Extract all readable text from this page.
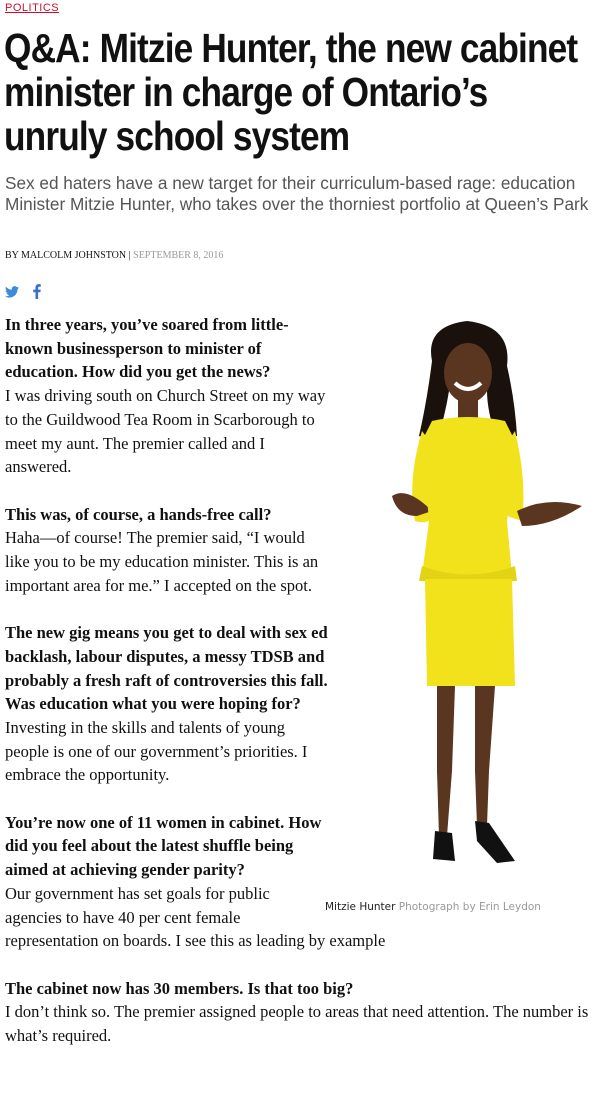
POLITICS
Q&A: Mitzie Hunter, the new cabinet
minister in charge of Ontario’s
unruly school system

Sex ed haters have a new target for their curriculum-based rage: education Minister Mitzie Hunter, who takes over the thorniest portfolio at Queen’s Park

BY MALCOLM JOHNSTON | SEPTEMBER 8, 2016
Mitzie Hunter Photograph by Erin Leydon
In three years, you’ve soared from little-known businessperson to minister of education. How did you get the news?
I was driving south on Church Street on my way to the Guildwood Tea Room in Scarborough to meet my aunt. The premier called and I answered.
This was, of course, a hands-free call?
Haha—of course! The premier said, “I would like you to be my education minister. This is an important area for me.” I accepted on the spot.
The new gig means you get to deal with sex ed backlash, labour disputes, a messy TDSB and probably a fresh raft of controversies this fall. Was education what you were hoping for?
Investing in the skills and talents of young people is one of our government’s priorities. I embrace the opportunity.
You’re now one of 11 women in cabinet. How did you feel about the latest shuffle being aimed at achieving gender parity?
Our government has set goals for public agencies to have 40 per cent female representation on boards. I see this as leading by example
The cabinet now has 30 members. Is that too big?
I don’t think so. The premier assigned people to areas that need attention. The number is what’s required.
